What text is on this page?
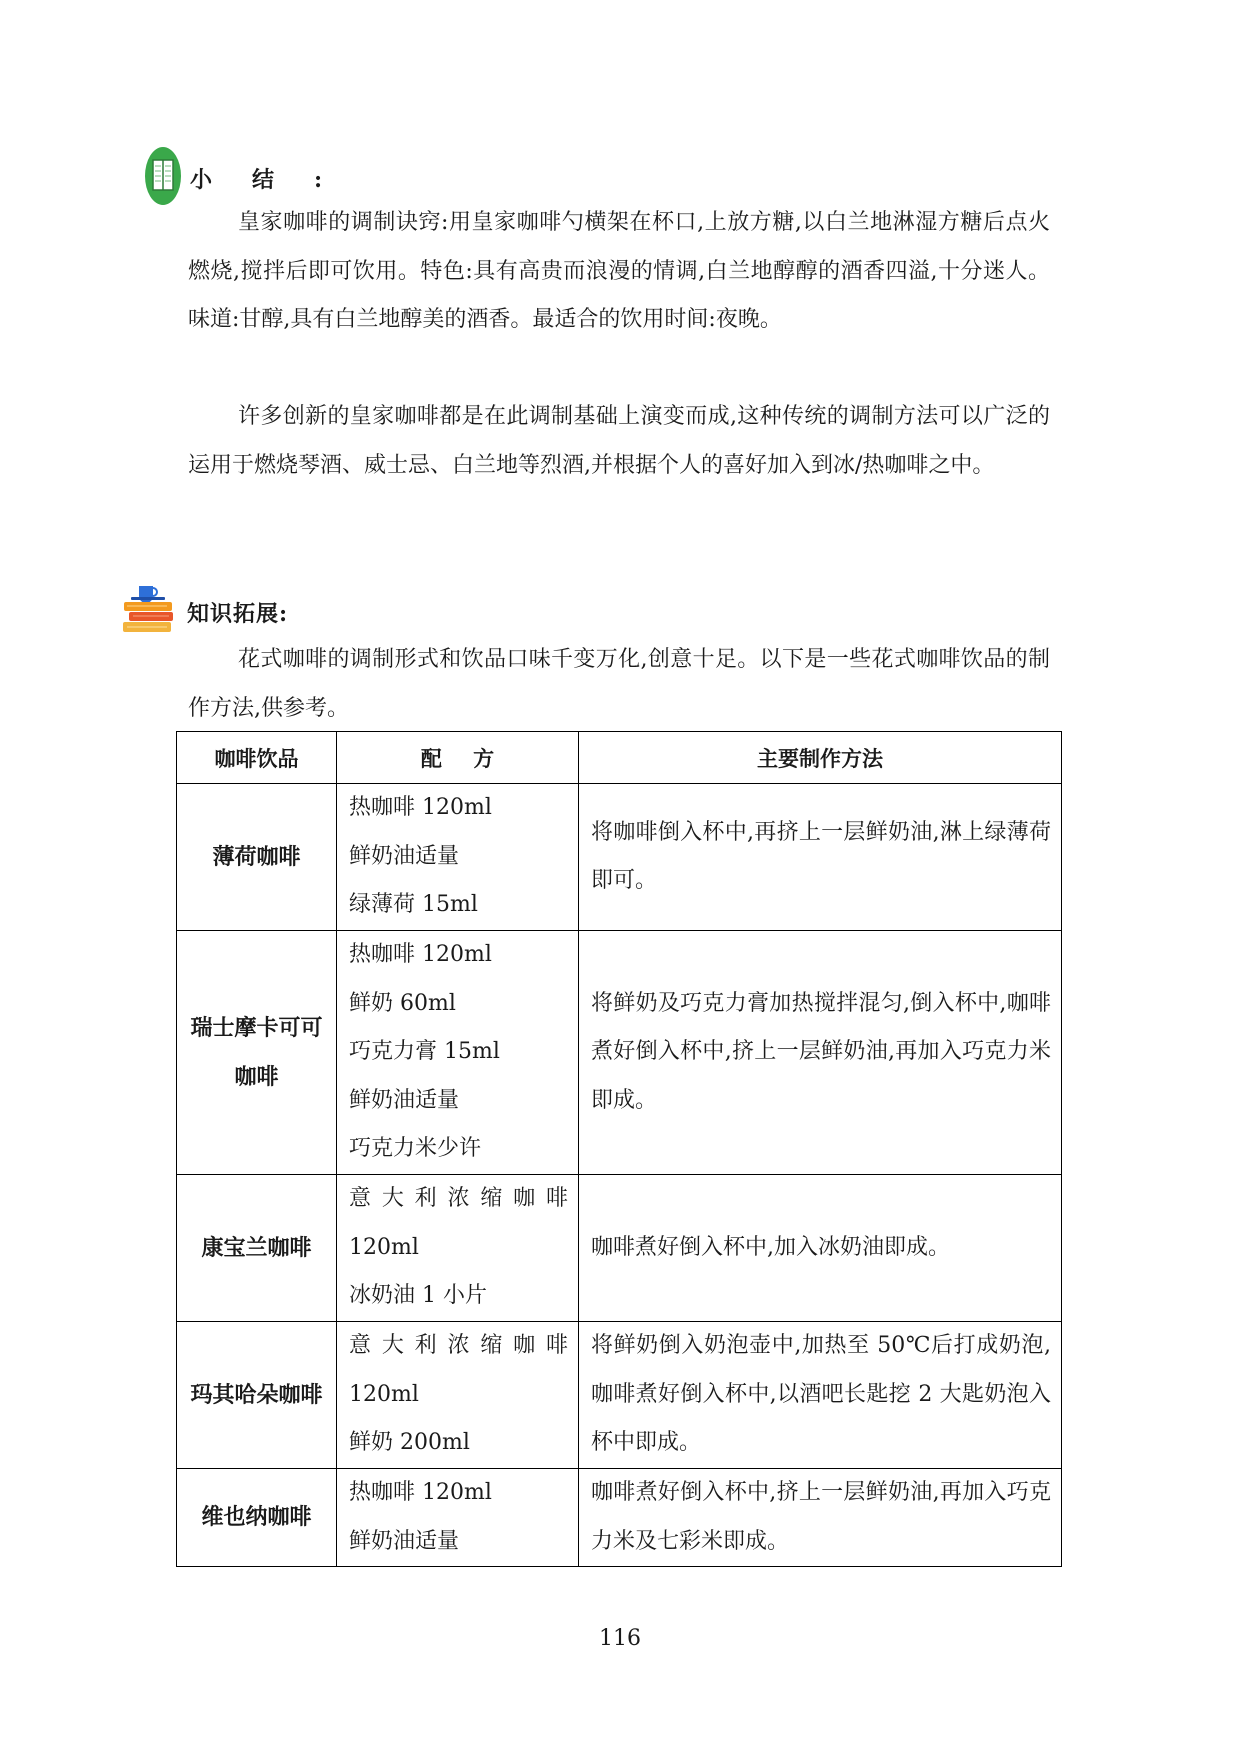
小结:

皇家咖啡的调制诀窍:用皇家咖啡勺横架在杯口,上放方糖,以白兰地淋湿方糖后点火燃烧,搅拌后即可饮用。特色:具有高贵而浪漫的情调,白兰地醇醇的酒香四溢,十分迷人。味道:甘醇,具有白兰地醇美的酒香。最适合的饮用时间:夜晚。

许多创新的皇家咖啡都是在此调制基础上演变而成,这种传统的调制方法可以广泛的运用于燃烧琴酒、威士忌、白兰地等烈酒,并根据个人的喜好加入到冰/热咖啡之中。

知识拓展:

花式咖啡的调制形式和饮品口味千变万化,创意十足。以下是一些花式咖啡饮品的制作方法,供参考。

咖啡饮品	配 方	主要制作方法
薄荷咖啡	热咖啡 120ml
鲜奶油适量
绿薄荷 15ml	将咖啡倒入杯中,再挤上一层鲜奶油,淋上绿薄荷即可。
瑞士摩卡可可咖啡	热咖啡 120ml
鲜奶 60ml
巧克力膏 15ml
鲜奶油适量
巧克力米少许	将鲜奶及巧克力膏加热搅拌混匀,倒入杯中,咖啡煮好倒入杯中,挤上一层鲜奶油,再加入巧克力米即成。
康宝兰咖啡	意大利浓缩咖啡
120ml
冰奶油 1 小片	咖啡煮好倒入杯中,加入冰奶油即成。
玛其哈朵咖啡	意大利浓缩咖啡
120ml
鲜奶 200ml	将鲜奶倒入奶泡壶中,加热至 50℃后打成奶泡,咖啡煮好倒入杯中,以酒吧长匙挖 2 大匙奶泡入杯中即成。
维也纳咖啡	热咖啡 120ml
鲜奶油适量	咖啡煮好倒入杯中,挤上一层鲜奶油,再加入巧克力米及七彩米即成。
116
